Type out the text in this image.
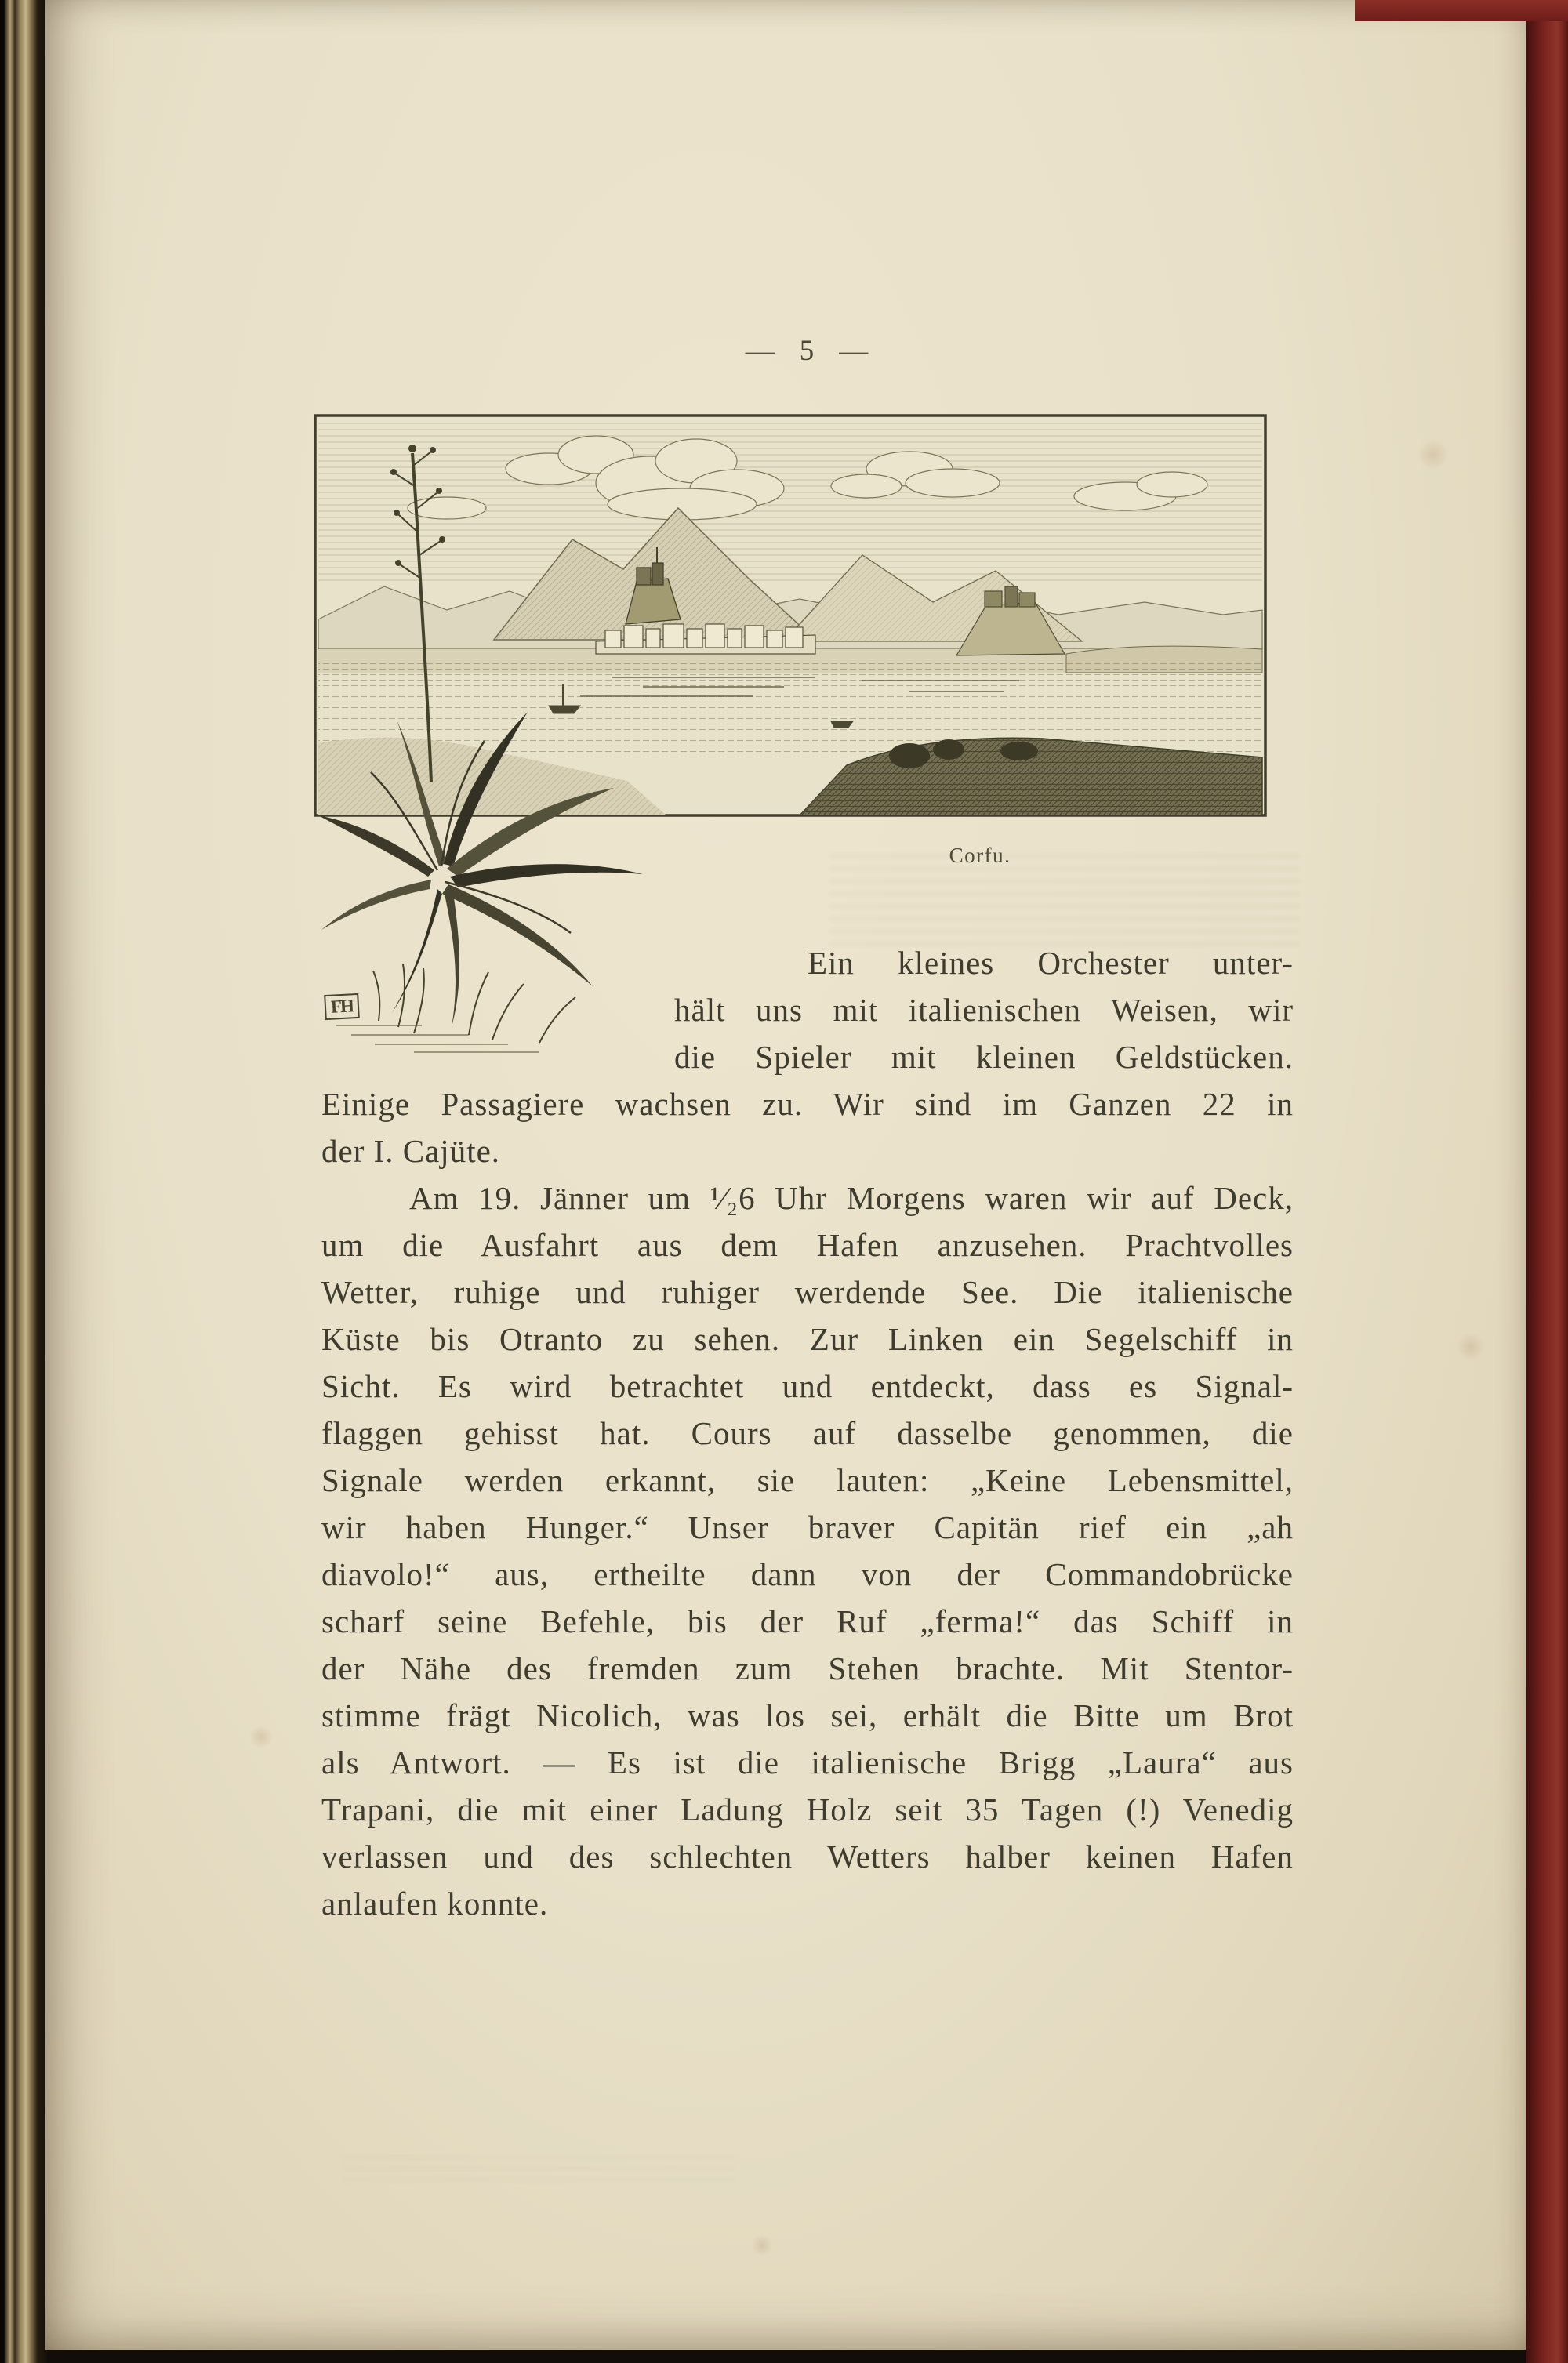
— 5 —
Corfu.
FH
Ein kleines Orchester unter-
hält uns mit italienischen Weisen, wir
die Spieler mit kleinen Geldstücken.
Einige Passagiere wachsen zu. Wir sind im Ganzen 22 in
der I. Cajüte.
Am 19. Jänner um ¹⁄₂6 Uhr Morgens waren wir auf Deck,
um die Ausfahrt aus dem Hafen anzusehen. Prachtvolles
Wetter, ruhige und ruhiger werdende See. Die italienische
Küste bis Otranto zu sehen. Zur Linken ein Segelschiff in
Sicht. Es wird betrachtet und entdeckt, dass es Signal-
flaggen gehisst hat. Cours auf dasselbe genommen, die
Signale werden erkannt, sie lauten: „Keine Lebensmittel,
wir haben Hunger.“ Unser braver Capitän rief ein „ah
diavolo!“ aus, ertheilte dann von der Commandobrücke
scharf seine Befehle, bis der Ruf „ferma!“ das Schiff in
der Nähe des fremden zum Stehen brachte. Mit Stentor-
stimme frägt Nicolich, was los sei, erhält die Bitte um Brot
als Antwort. — Es ist die italienische Brigg „Laura“ aus
Trapani, die mit einer Ladung Holz seit 35 Tagen (!) Venedig
verlassen und des schlechten Wetters halber keinen Hafen
anlaufen konnte.
